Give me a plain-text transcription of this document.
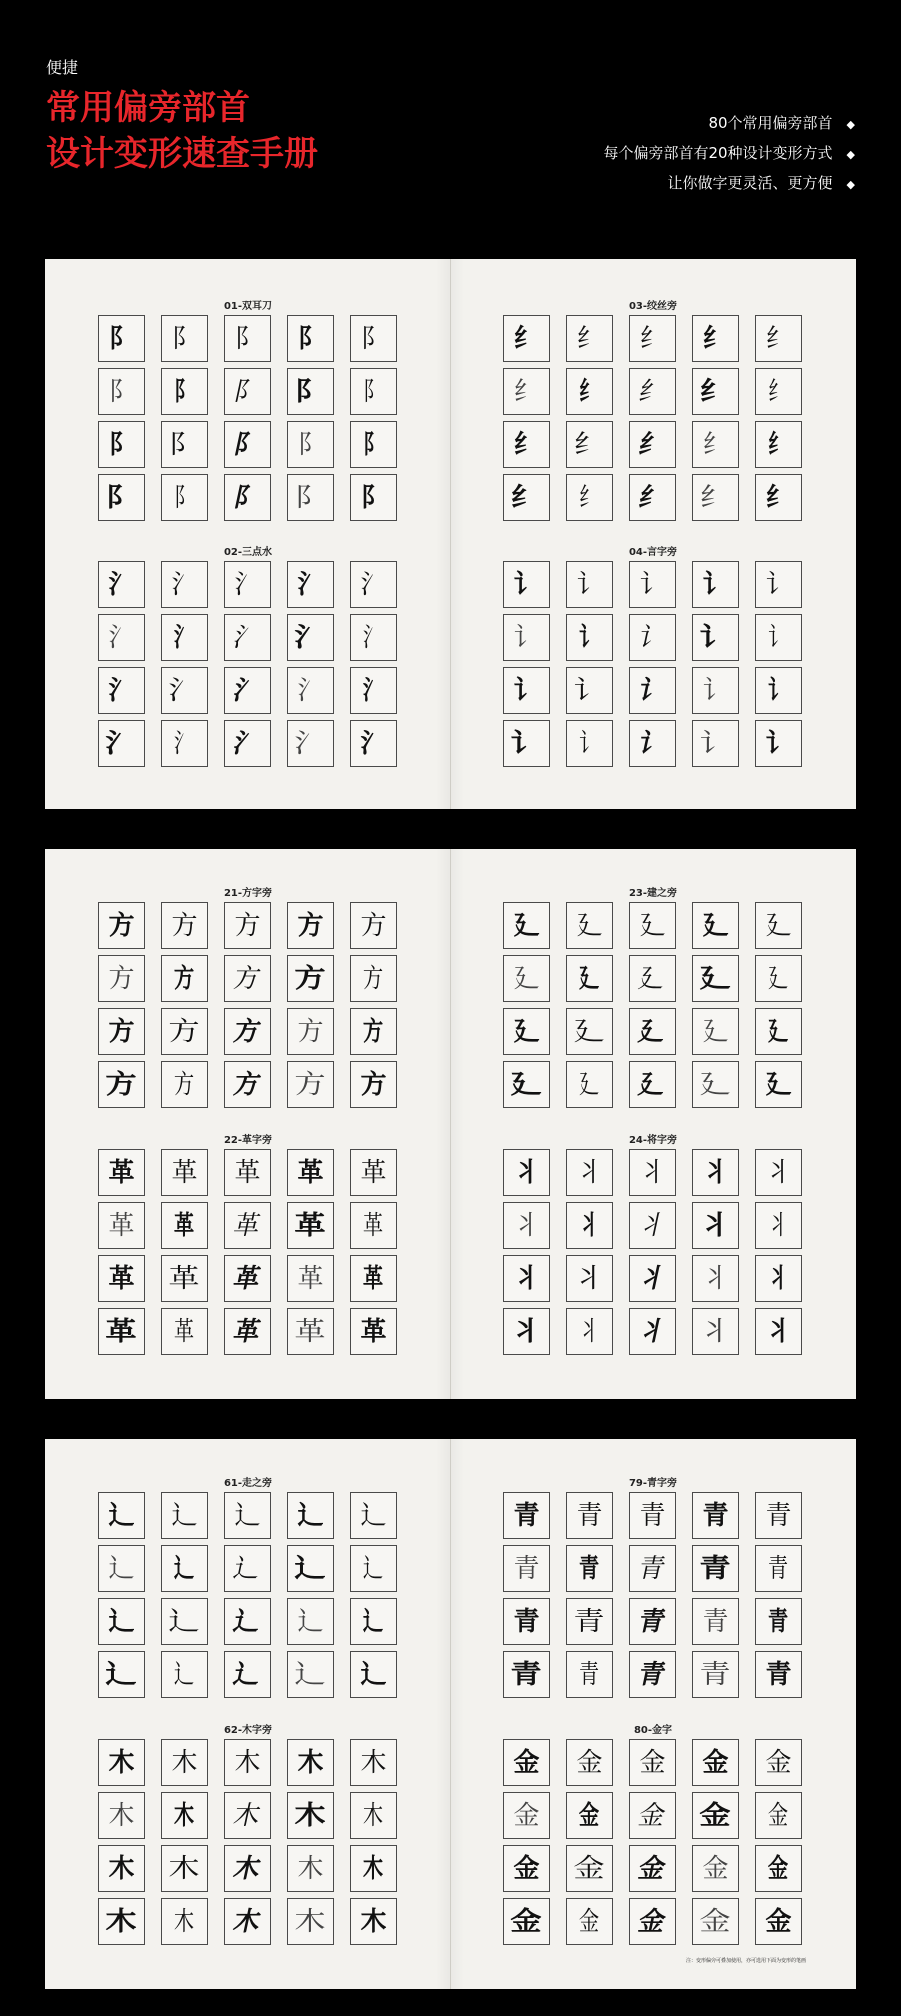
便捷
常用偏旁部首
设计变形速查手册
80个常用偏旁部首 ◆
每个偏旁部首有20种设计变形方式 ◆
让你做字更灵活、更方便 ◆
01-双耳刀
阝 阝 阝 阝 阝
阝 阝 阝 阝 阝
阝 阝 阝 阝 阝
阝 阝 阝 阝 阝
02-三点水
氵 氵 氵 氵 氵
氵 氵 氵 氵 氵
氵 氵 氵 氵 氵
氵 氵 氵 氵 氵
03-绞丝旁
纟 纟 纟 纟 纟
纟 纟 纟 纟 纟
纟 纟 纟 纟 纟
纟 纟 纟 纟 纟
04-言字旁
讠 讠 讠 讠 讠
讠 讠 讠 讠 讠
讠 讠 讠 讠 讠
讠 讠 讠 讠 讠
21-方字旁
方 方 方 方 方
方 方 方 方 方
方 方 方 方 方
方 方 方 方 方
22-革字旁
革 革 革 革 革
革 革 革 革 革
革 革 革 革 革
革 革 革 革 革
23-建之旁
廴 廴 廴 廴 廴
廴 廴 廴 廴 廴
廴 廴 廴 廴 廴
廴 廴 廴 廴 廴
24-将字旁
丬 丬 丬 丬 丬
丬 丬 丬 丬 丬
丬 丬 丬 丬 丬
丬 丬 丬 丬 丬
61-走之旁
辶 辶 辶 辶 辶
辶 辶 辶 辶 辶
辶 辶 辶 辶 辶
辶 辶 辶 辶 辶
62-木字旁
木 木 木 木 木
木 木 木 木 木
木 木 木 木 木
木 木 木 木 木
79-青字旁
青 青 青 青 青
青 青 青 青 青
青 青 青 青 青
青 青 青 青 青
80-金字
金 金 金 金 金
金 金 金 金 金
金 金 金 金 金
金 金 金 金 金
注：变形偏旁可叠加使用，亦可选用下面为变形的笔画
